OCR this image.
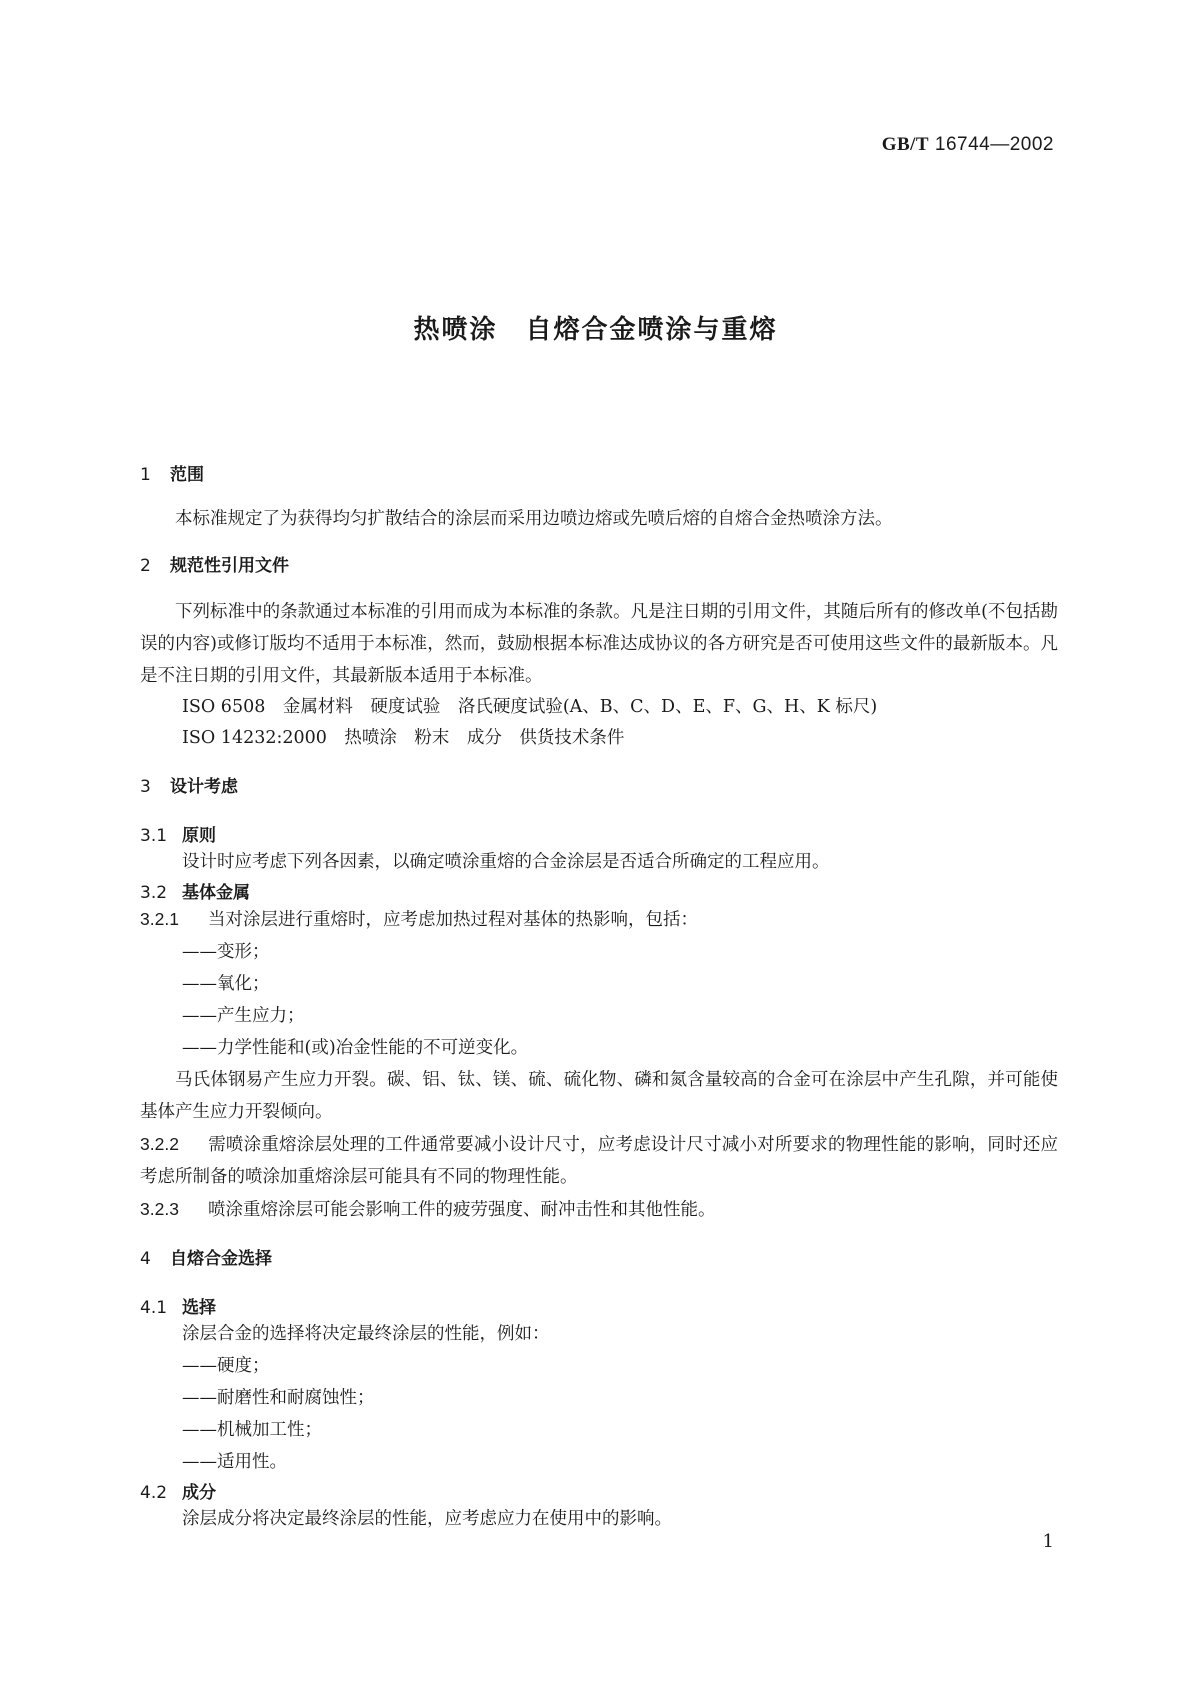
GB/T 16744—2002
热喷涂　自熔合金喷涂与重熔
1 范围

本标准规定了为获得均匀扩散结合的涂层而采用边喷边熔或先喷后熔的自熔合金热喷涂方法。

2 规范性引用文件

下列标准中的条款通过本标准的引用而成为本标准的条款。凡是注日期的引用文件，其随后所有的修改单(不包括勘误的内容)或修订版均不适用于本标准，然而，鼓励根据本标准达成协议的各方研究是否可使用这些文件的最新版本。凡是不注日期的引用文件，其最新版本适用于本标准。

ISO 6508　金属材料　硬度试验　洛氏硬度试验(A、B、C、D、E、F、G、H、K 标尺)

ISO 14232:2000　热喷涂　粉末　成分　供货技术条件

3 设计考虑
3.1 原则

设计时应考虑下列各因素，以确定喷涂重熔的合金涂层是否适合所确定的工程应用。

3.2 基体金属

3.2.1 当对涂层进行重熔时，应考虑加热过程对基体的热影响，包括：

——变形；

——氧化；

——产生应力；

——力学性能和(或)冶金性能的不可逆变化。

马氏体钢易产生应力开裂。碳、铝、钛、镁、硫、硫化物、磷和氮含量较高的合金可在涂层中产生孔隙，并可能使基体产生应力开裂倾向。

3.2.2 需喷涂重熔涂层处理的工件通常要减小设计尺寸，应考虑设计尺寸减小对所要求的物理性能的影响，同时还应考虑所制备的喷涂加重熔涂层可能具有不同的物理性能。

3.2.3 喷涂重熔涂层可能会影响工件的疲劳强度、耐冲击性和其他性能。

4 自熔合金选择
4.1 选择

涂层合金的选择将决定最终涂层的性能，例如：

——硬度；

——耐磨性和耐腐蚀性；

——机械加工性；

——适用性。

4.2 成分

涂层成分将决定最终涂层的性能，应考虑应力在使用中的影响。

1
